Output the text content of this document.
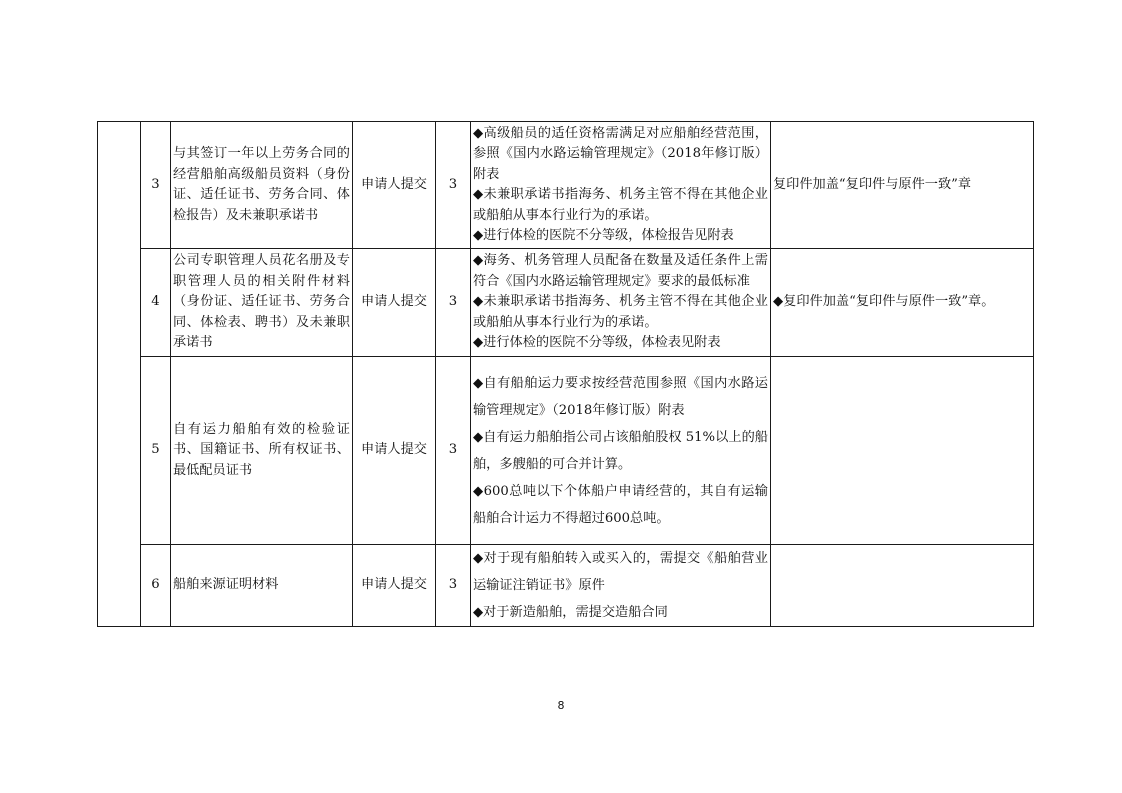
	3	与其签订一年以上劳务合同的经营船舶高级船员资料（身份证、适任证书、劳务合同、体检报告）及未兼职承诺书	申请人提交	3	◆高级船员的适任资格需满足对应船舶经营范围，参照《国内水路运输管理规定》（2018年修订版）附表
◆未兼职承诺书指海务、机务主管不得在其他企业或船舶从事本行业行为的承诺。
◆进行体检的医院不分等级，体检报告见附表	复印件加盖“复印件与原件一致”章
	4	公司专职管理人员花名册及专职管理人员的相关附件材料（身份证、适任证书、劳务合同、体检表、聘书）及未兼职承诺书	申请人提交	3	◆海务、机务管理人员配备在数量及适任条件上需符合《国内水路运输管理规定》要求的最低标准
◆未兼职承诺书指海务、机务主管不得在其他企业或船舶从事本行业行为的承诺。
◆进行体检的医院不分等级，体检表见附表	◆复印件加盖“复印件与原件一致”章。
	5	自有运力船舶有效的检验证书、国籍证书、所有权证书、最低配员证书	申请人提交	3	◆自有船舶运力要求按经营范围参照《国内水路运输管理规定》（2018年修订版）附表
◆自有运力船舶指公司占该船舶股权 51%以上的船舶，多艘船的可合并计算。
◆600总吨以下个体船户申请经营的，其自有运输船舶合计运力不得超过600总吨。	

	6	船舶来源证明材料	申请人提交	3	◆对于现有船舶转入或买入的，需提交《船舶营业运输证注销证书》原件
◆对于新造船舶，需提交造船合同	

8
